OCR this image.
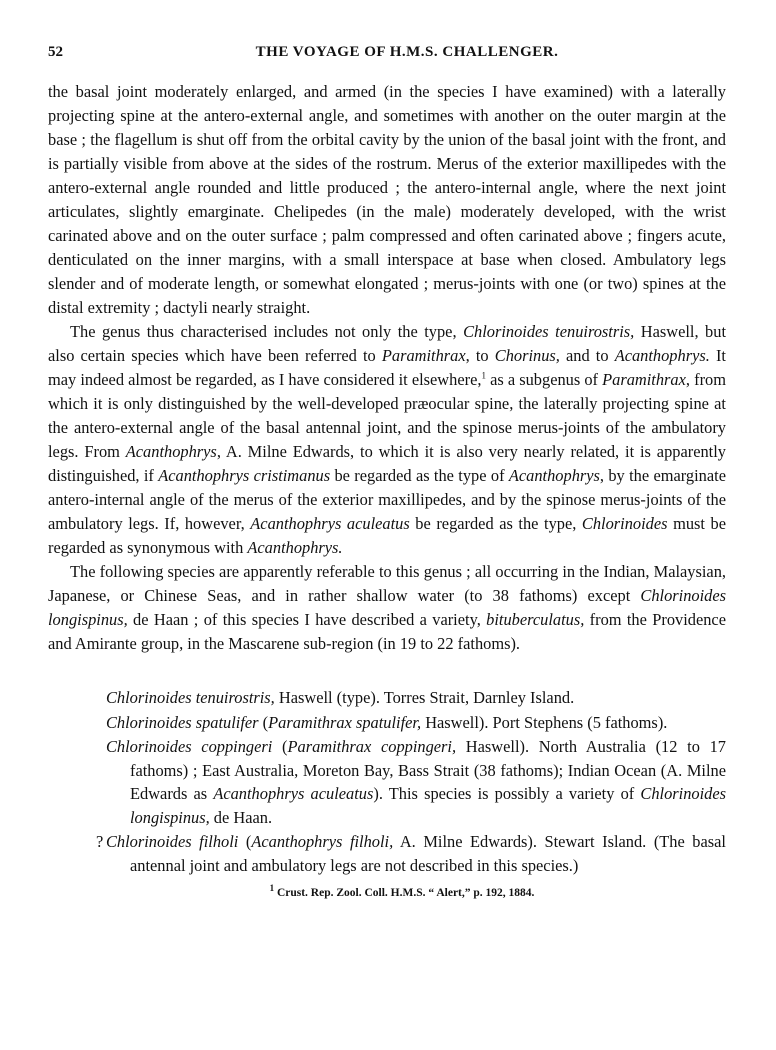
52	THE VOYAGE OF H.M.S. CHALLENGER.

the basal joint moderately enlarged, and armed (in the species I have examined) with a laterally projecting spine at the antero-external angle, and sometimes with another on the outer margin at the base ; the flagellum is shut off from the orbital cavity by the union of the basal joint with the front, and is partially visible from above at the sides of the rostrum. Merus of the exterior maxillipedes with the antero-external angle rounded and little produced ; the antero-internal angle, where the next joint articulates, slightly emarginate. Chelipedes (in the male) moderately developed, with the wrist carinated above and on the outer surface ; palm compressed and often carinated above ; fingers acute, denticulated on the inner margins, with a small interspace at base when closed. Ambulatory legs slender and of moderate length, or somewhat elongated ; merus-joints with one (or two) spines at the distal extremity ; dactyli nearly straight.

The genus thus characterised includes not only the type, Chlorinoides tenuirostris, Haswell, but also certain species which have been referred to Paramithrax, to Chorinus, and to Acanthophrys. It may indeed almost be regarded, as I have considered it elsewhere,$^1$ as a subgenus of Paramithrax, from which it is only distinguished by the well-developed præocular spine, the laterally projecting spine at the antero-external angle of the basal antennal joint, and the spinose merus-joints of the ambulatory legs. From Acanthophrys, A. Milne Edwards, to which it is also very nearly related, it is apparently distinguished, if Acanthophrys cristimanus be regarded as the type of Acanthophrys, by the emarginate antero-internal angle of the merus of the exterior maxillipedes, and by the spinose merus-joints of the ambulatory legs. If, however, Acanthophrys aculeatus be regarded as the type, Chlorinoides must be regarded as synonymous with Acanthophrys.

The following species are apparently referable to this genus ; all occurring in the Indian, Malaysian, Japanese, or Chinese Seas, and in rather shallow water (to 38 fathoms) except Chlorinoides longispinus, de Haan ; of this species I have described a variety, bituberculatus, from the Providence and Amirante group, in the Mascarene sub-region (in 19 to 22 fathoms).

Chlorinoides tenuirostris, Haswell (type). Torres Strait, Darnley Island.
Chlorinoides spatulifer (Paramithrax spatulifer, Haswell). Port Stephens (5 fathoms).
Chlorinoides coppingeri (Paramithrax coppingeri, Haswell). North Australia (12 to 17 fathoms) ; East Australia, Moreton Bay, Bass Strait (38 fathoms); Indian Ocean (A. Milne Edwards as Acanthophrys aculeatus). This species is possibly a variety of Chlorinoides longispinus, de Haan.
? Chlorinoides filholi (Acanthophrys filholi, A. Milne Edwards). Stewart Island. (The basal antennal joint and ambulatory legs are not described in this species.)
$^1$ Crust. Rep. Zool. Coll. H.M.S. “ Alert,” p. 192, 1884.
